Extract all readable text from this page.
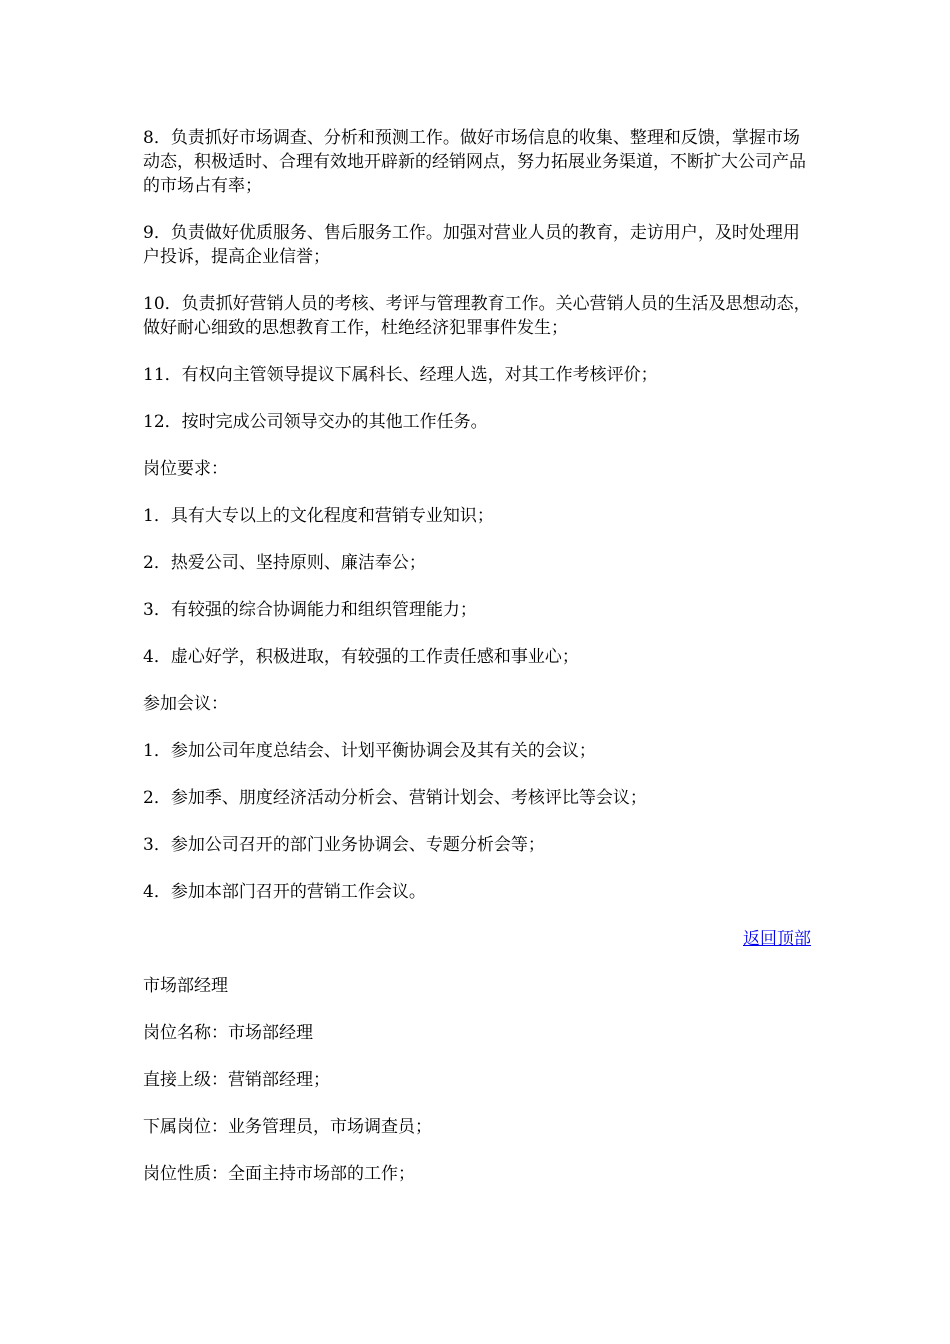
8．负责抓好市场调查、分析和预测工作。做好市场信息的收集、整理和反馈，掌握市场动态，积极适时、合理有效地开辟新的经销网点，努力拓展业务渠道，不断扩大公司产品的市场占有率；

9．负责做好优质服务、售后服务工作。加强对营业人员的教育，走访用户，及时处理用户投诉，提高企业信誉；

10．负责抓好营销人员的考核、考评与管理教育工作。关心营销人员的生活及思想动态，做好耐心细致的思想教育工作，杜绝经济犯罪事件发生；

11．有权向主管领导提议下属科长、经理人选，对其工作考核评价；

12．按时完成公司领导交办的其他工作任务。

岗位要求：

1．具有大专以上的文化程度和营销专业知识；

2．热爱公司、坚持原则、廉洁奉公；

3．有较强的综合协调能力和组织管理能力；

4．虚心好学，积极进取，有较强的工作责任感和事业心；

参加会议：

1．参加公司年度总结会、计划平衡协调会及其有关的会议；

2．参加季、朋度经济活动分析会、营销计划会、考核评比等会议；

3．参加公司召开的部门业务协调会、专题分析会等；

4．参加本部门召开的营销工作会议。

返回顶部

市场部经理

岗位名称：市场部经理

直接上级：营销部经理；

下属岗位：业务管理员，市场调查员；

岗位性质：全面主持市场部的工作；
